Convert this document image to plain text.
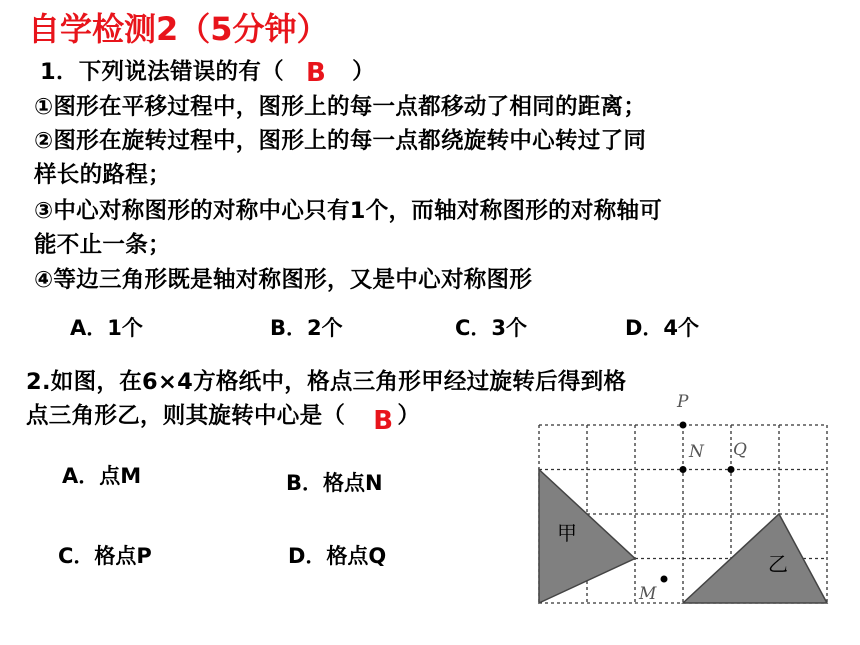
自学检测2（5分钟）
1．下列说法错误的有（ B ）
①图形在平移过程中，图形上的每一点都移动了相同的距离；
②图形在旋转过程中，图形上的每一点都绕旋转中心转过了同
样长的路程；
③中心对称图形的对称中心只有1个，而轴对称图形的对称轴可
能不止一条；
④等边三角形既是轴对称图形，又是中心对称图形
A．1个	B．2个	C．3个	D．4个
2.如图，在6×4方格纸中，格点三角形甲经过旋转后得到格
点三角形乙，则其旋转中心是（ B ）
A．点M	B．格点N
C．格点P	D．格点Q
甲
乙
P
N Q
M
